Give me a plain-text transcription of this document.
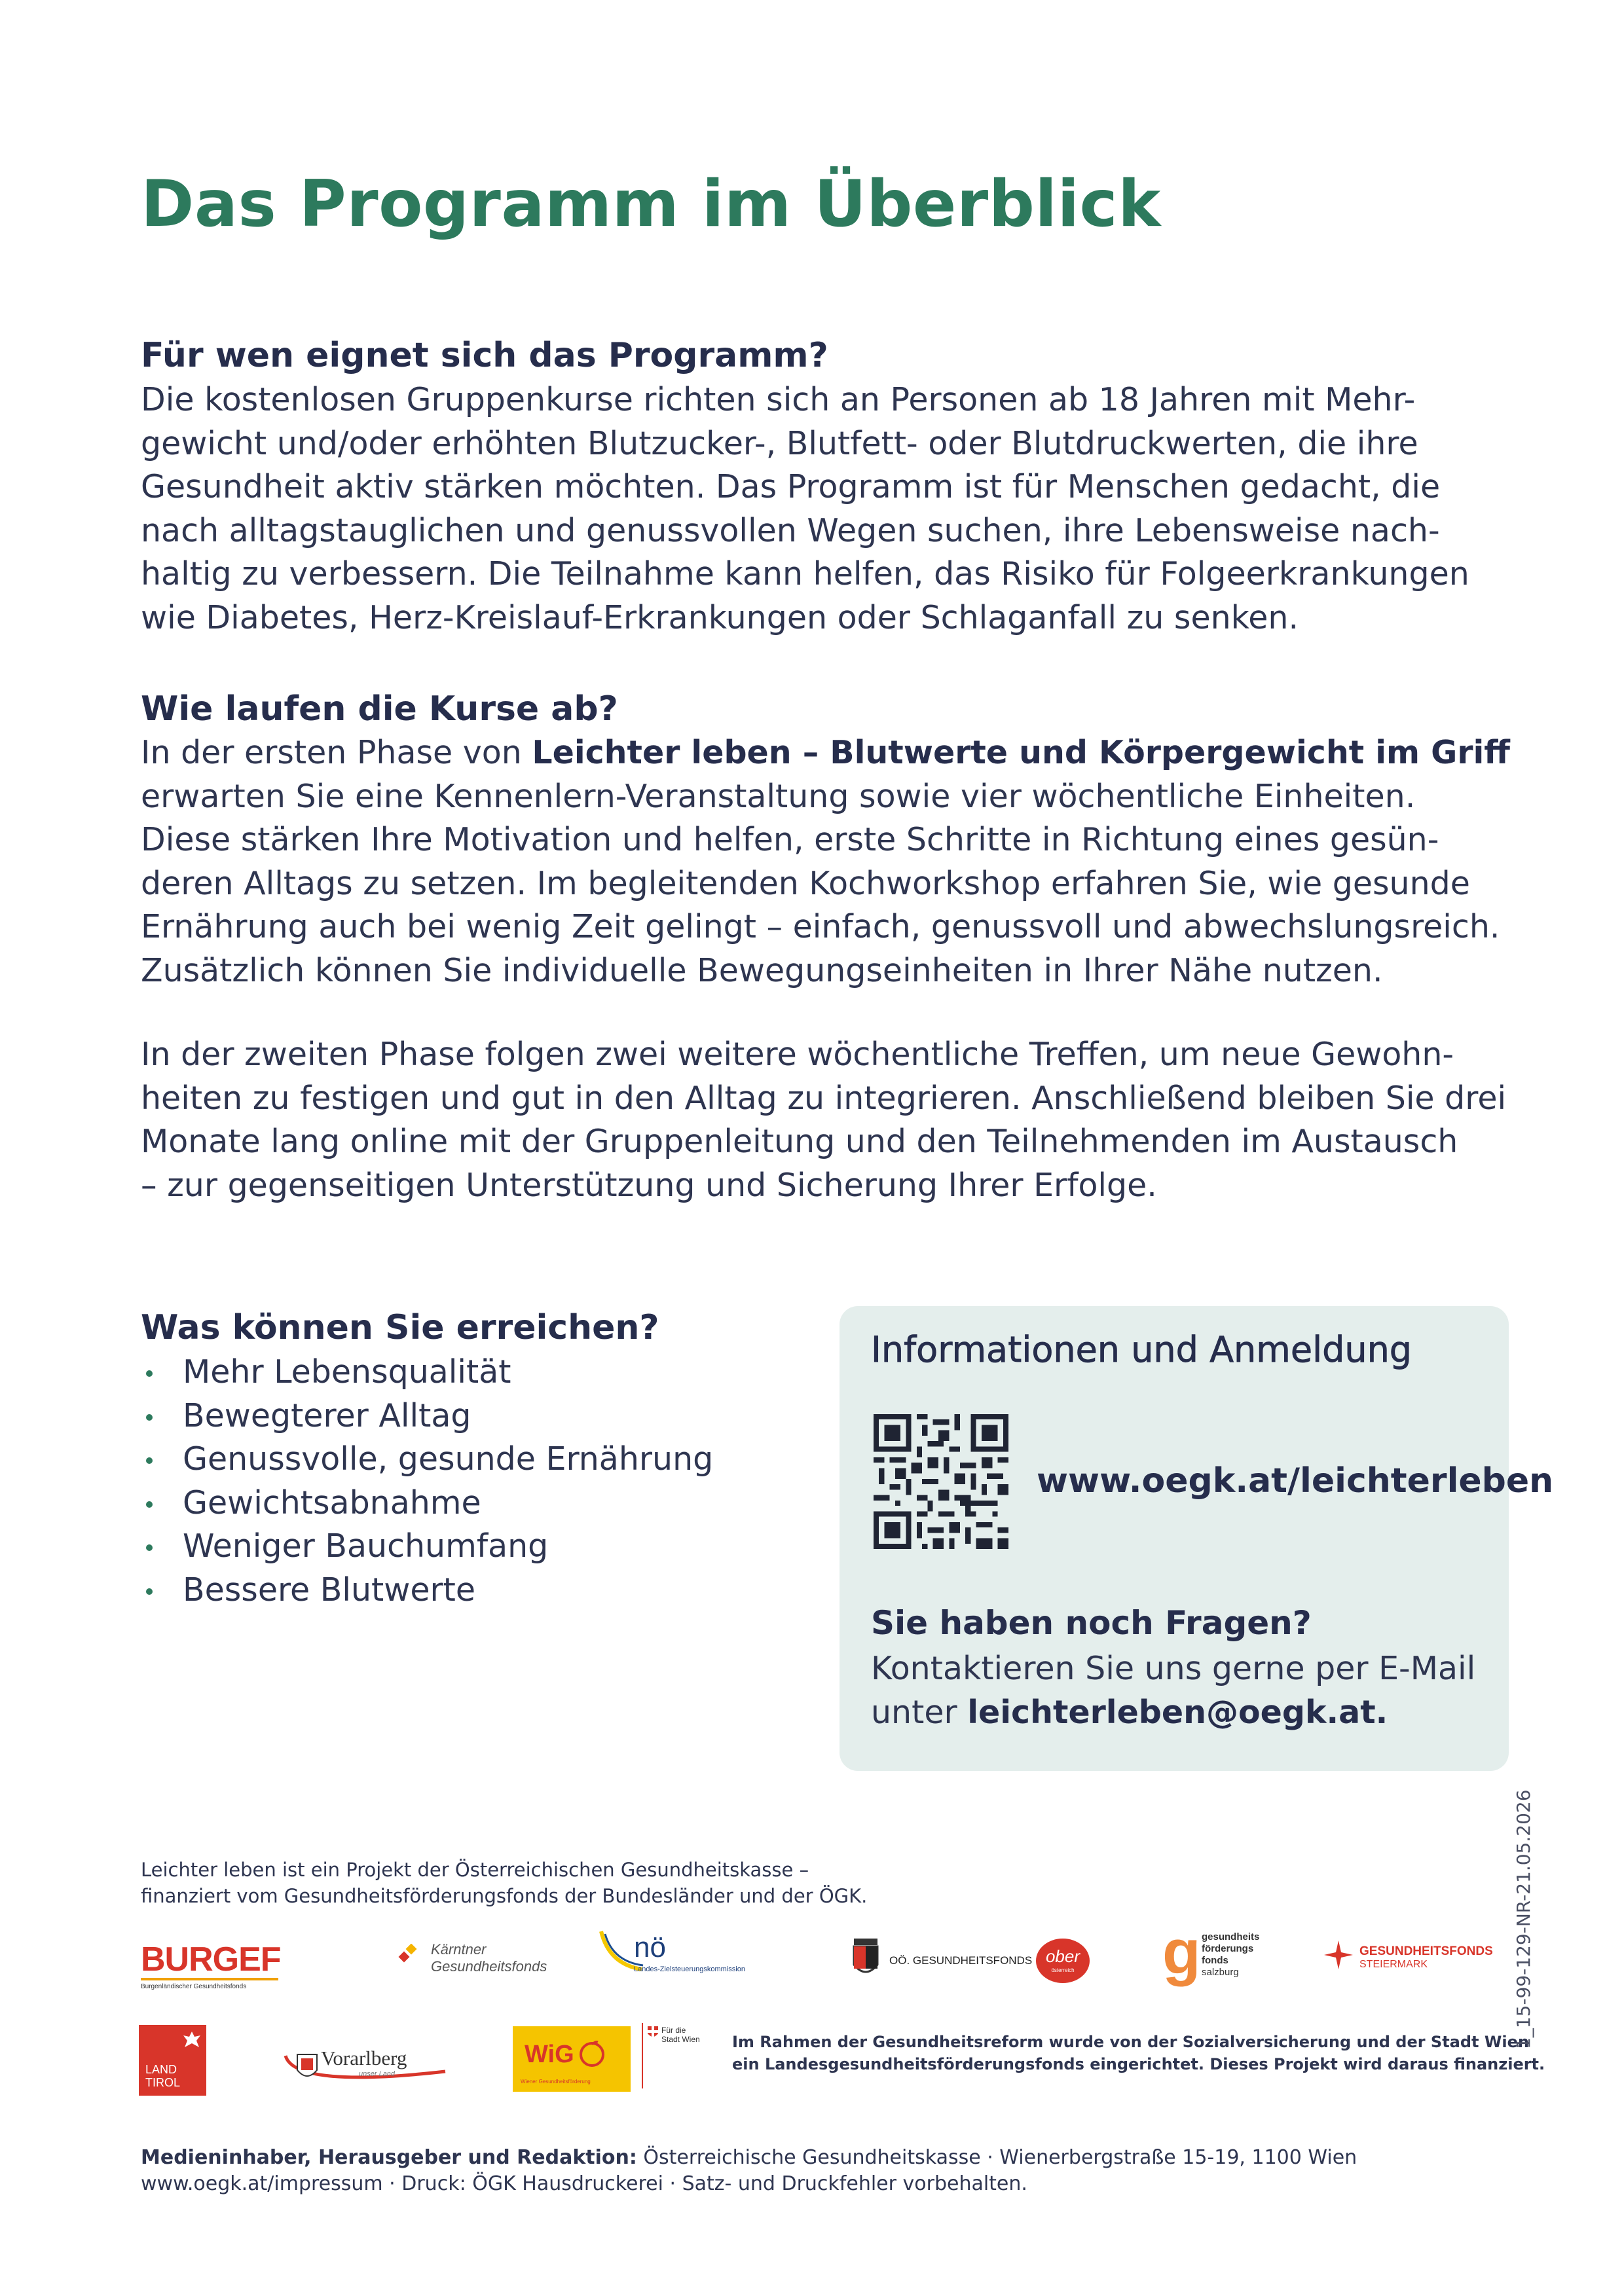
Das Programm im Überblick
Für wen eignet sich das Programm?

Die kostenlosen Gruppenkurse richten sich an Personen ab 18 Jahren mit Mehr-

gewicht und/oder erhöhten Blutzucker-, Blutfett- oder Blutdruckwerten, die ihre

Gesundheit aktiv stärken möchten. Das Programm ist für Menschen gedacht, die

nach alltagstauglichen und genussvollen Wegen suchen, ihre Lebensweise nach-

haltig zu verbessern. Die Teilnahme kann helfen, das Risiko für Folgeerkrankungen

wie Diabetes, Herz-Kreislauf-Erkrankungen oder Schlaganfall zu senken.

Wie laufen die Kurse ab?

In der ersten Phase von Leichter leben – Blutwerte und Körpergewicht im Griff

erwarten Sie eine Kennenlern-Veranstaltung sowie vier wöchentliche Einheiten.

Diese stärken Ihre Motivation und helfen, erste Schritte in Richtung eines gesün-

deren Alltags zu setzen. Im begleitenden Kochworkshop erfahren Sie, wie gesunde

Ernährung auch bei wenig Zeit gelingt – einfach, genussvoll und abwechslungsreich.

Zusätzlich können Sie individuelle Bewegungseinheiten in Ihrer Nähe nutzen.

In der zweiten Phase folgen zwei weitere wöchentliche Treffen, um neue Gewohn-

heiten zu festigen und gut in den Alltag zu integrieren. Anschließend bleiben Sie drei

Monate lang online mit der Gruppenleitung und den Teilnehmenden im Austausch

– zur gegenseitigen Unterstützung und Sicherung Ihrer Erfolge.

Was können Sie erreichen?
Mehr Lebensqualität
Bewegterer Alltag
Genussvolle, gesunde Ernährung
Gewichtsabnahme
Weniger Bauchumfang
Bessere Blutwerte
Informationen und Anmeldung
www.oegk.at/leichterleben
Sie haben noch Fragen?

Kontaktieren Sie uns gerne per E-Mail

unter leichterleben@oegk.at.

Leichter leben ist ein Projekt der Österreichischen Gesundheitskasse –
finanziert vom Gesundheitsförderungsfonds der Bundesländer und der ÖGK.
BURGEF
Burgenländischer Gesundheitsfonds
Kärntner
Gesundheitsfonds
nö
Landes-Zielsteuerungskommission
OÖ. GESUNDHEITSFONDS ober
österreich g gesundheits
förderungs
fonds
salzburg
GESUNDHEITSFONDS
STEIERMARK
LAND
TIROL
Vorarlberg
unser Land
WiG
Wiener Gesundheitsförderung
Für die
Stadt Wien Im Rahmen der Gesundheitsreform wurde von der Sozialversicherung und der Stadt Wien
ein Landesgesundheitsförderungsfonds eingerichtet. Dieses Projekt wird daraus finanziert.
Medieninhaber, Herausgeber und Redaktion: Österreichische Gesundheitskasse · Wienerbergstraße 15-19, 1100 Wien
www.oegk.at/impressum · Druck: ÖGK Hausdruckerei · Satz- und Druckfehler vorbehalten.
1_15-99-129-NR-21.05.2026
